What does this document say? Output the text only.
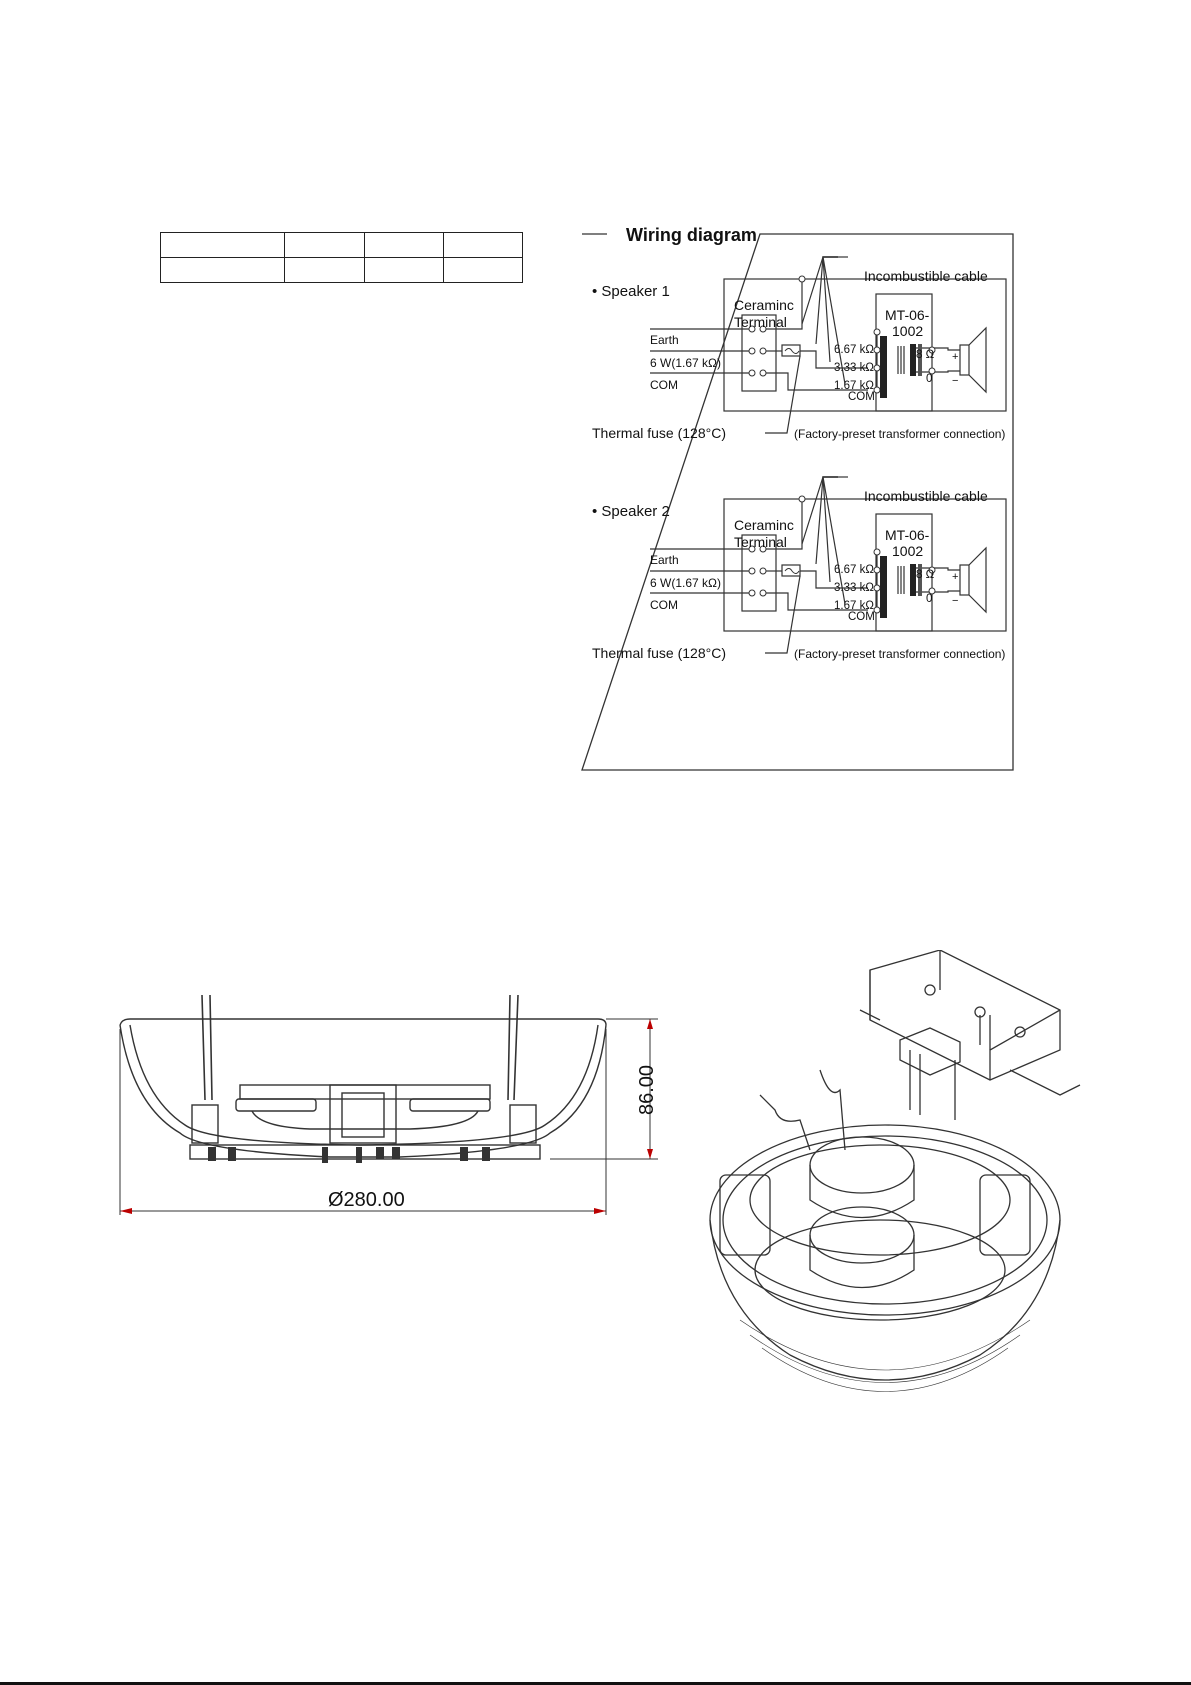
Wiring diagram
• Speaker 1
Incombustible cable
Ceraminc
Terminal	MT-06-
1002
Earth
6 W(1.67 kΩ)
COM
6.67 kΩ
3.33 kΩ
1.67 kΩ
COM
8 Ω
0
+
−
Thermal fuse (128°C)	(Factory-preset transformer connection)
• Speaker 2
Incombustible cable
Ceraminc
Terminal	MT-06-
1002
Earth
6 W(1.67 kΩ)
COM
6.67 kΩ
3.33 kΩ
1.67 kΩ
COM
8 Ω
0
+
−
Thermal fuse (128°C)	(Factory-preset transformer connection)
86.00
Ø280.00
